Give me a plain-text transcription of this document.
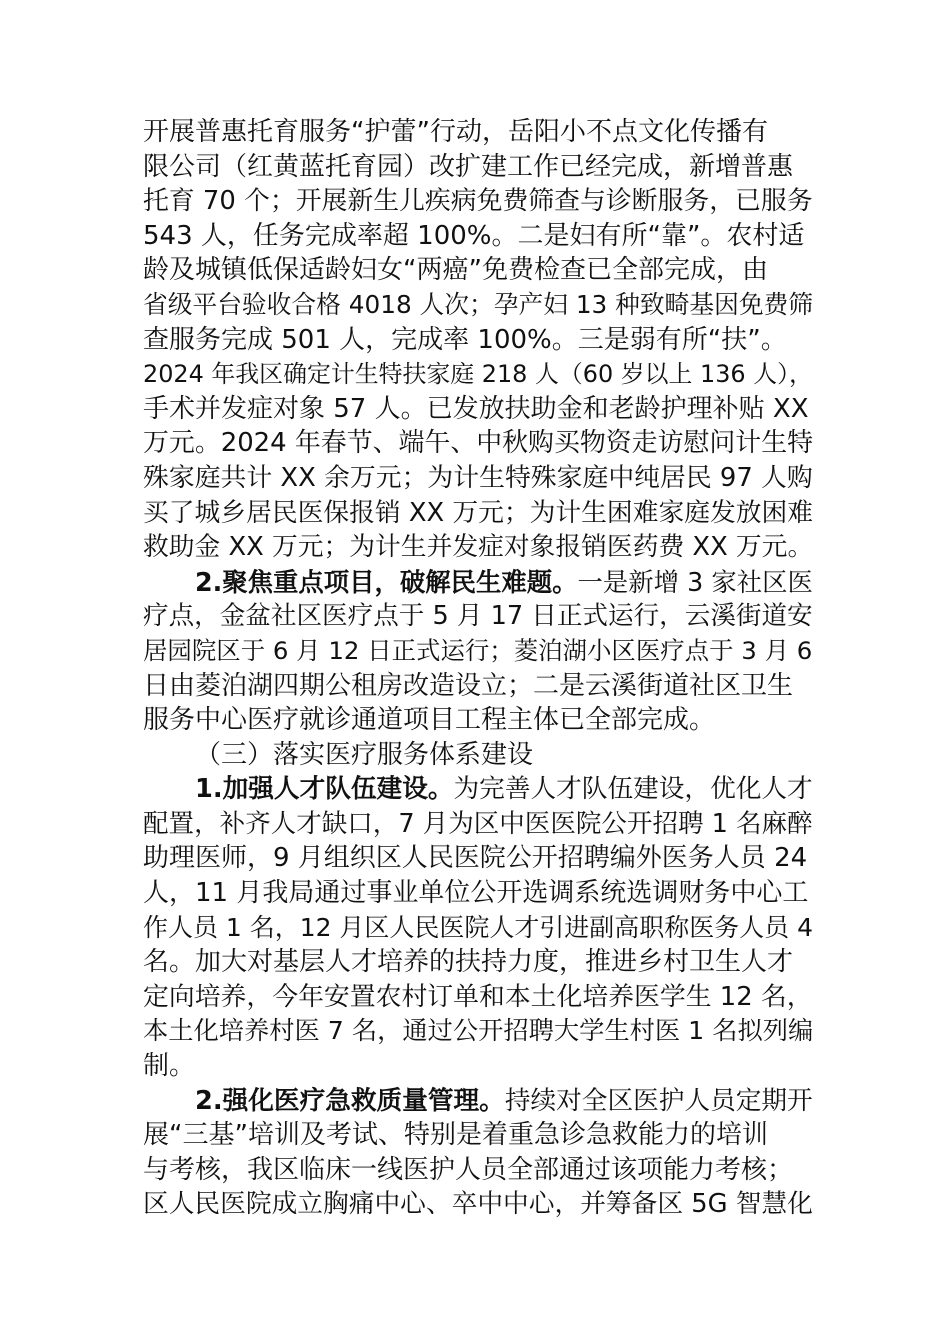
开展普惠托育服务“护蕾”行动，岳阳小不点文化传播有
限公司（红黄蓝托育园）改扩建工作已经完成，新增普惠
托育 70 个；开展新生儿疾病免费筛查与诊断服务，已服务
543 人，任务完成率超 100%。二是妇有所“靠”。农村适
龄及城镇低保适龄妇女“两癌”免费检查已全部完成，由
省级平台验收合格 4018 人次；孕产妇 13 种致畸基因免费筛
查服务完成 501 人，完成率 100%。三是弱有所“扶”。
2024 年我区确定计生特扶家庭 218 人（60 岁以上 136 人），
手术并发症对象 57 人。已发放扶助金和老龄护理补贴 XX
万元。2024 年春节、端午、中秋购买物资走访慰问计生特
殊家庭共计 XX 余万元；为计生特殊家庭中纯居民 97 人购
买了城乡居民医保报销 XX 万元；为计生困难家庭发放困难
救助金 XX 万元；为计生并发症对象报销医药费 XX 万元。
2.聚焦重点项目，破解民生难题。一是新增 3 家社区医
疗点，金盆社区医疗点于 5 月 17 日正式运行，云溪街道安
居园院区于 6 月 12 日正式运行；菱泊湖小区医疗点于 3 月 6
日由菱泊湖四期公租房改造设立；二是云溪街道社区卫生
服务中心医疗就诊通道项目工程主体已全部完成。
（三）落实医疗服务体系建设
1.加强人才队伍建设。为完善人才队伍建设，优化人才
配置，补齐人才缺口，7 月为区中医医院公开招聘 1 名麻醉
助理医师，9 月组织区人民医院公开招聘编外医务人员 24
人，11 月我局通过事业单位公开选调系统选调财务中心工
作人员 1 名，12 月区人民医院人才引进副高职称医务人员 4
名。加大对基层人才培养的扶持力度，推进乡村卫生人才
定向培养，今年安置农村订单和本土化培养医学生 12 名，
本土化培养村医 7 名，通过公开招聘大学生村医 1 名拟列编
制。
2.强化医疗急救质量管理。持续对全区医护人员定期开
展“三基”培训及考试、特别是着重急诊急救能力的培训
与考核，我区临床一线医护人员全部通过该项能力考核；
区人民医院成立胸痛中心、卒中中心，并筹备区 5G 智慧化
